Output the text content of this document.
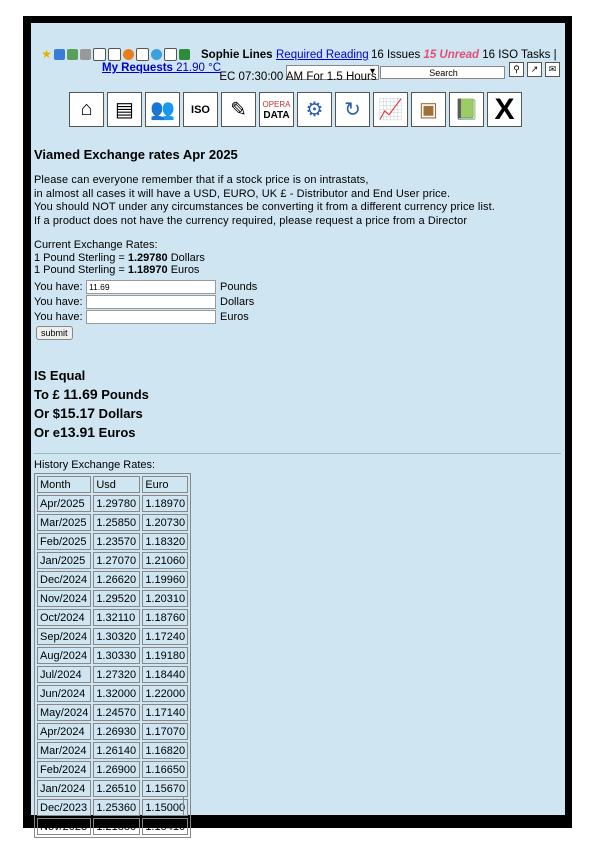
★	Sophie Lines Required Reading 16 Issues 15 Unread 16 ISO Tasks |
My Requests 21.90 °C ▾	Search	⚲	↗	✉
EC 07:30:00 AM For 1.5 Hours
⌂	▤ 👥	ISO	✎	OPERA
DATA ⚙	↻ 📈 ▣ 📗 X
Viamed Exchange rates Apr 2025
Please can everyone remember that if a stock price is on intrastats,
in almost all cases it will have a USD, EURO, UK £ - Distributor and End User price.
You should NOT under any circumstances be converting it from a different currency price list.
If a product does not have the currency required, please request a price from a Director
Current Exchange Rates:
1 Pound Sterling = 1.29780 Dollars
1 Pound Sterling = 1.18970 Euros
You have:
11.69	Pounds
You have:	Dollars
You have:	Euros
submit
IS Equal
To £ 11.69 Pounds
Or $15.17 Dollars
Or e13.91 Euros
History Exchange Rates:
Month	Usd	Euro
Apr/2025	1.29780	1.18970
Mar/2025	1.25850	1.20730
Feb/2025	1.23570	1.18320
Jan/2025	1.27070	1.21060
Dec/2024	1.26620	1.19960
Nov/2024	1.29520	1.20310
Oct/2024	1.32110	1.18760
Sep/2024	1.30320	1.17240
Aug/2024	1.30330	1.19180
Jul/2024	1.27320	1.18440
Jun/2024	1.32000	1.22000
May/2024	1.24570	1.17140
Apr/2024	1.26930	1.17070
Mar/2024	1.26140	1.16820
Feb/2024	1.26900	1.16650
Jan/2024	1.26510	1.15670
Dec/2023	1.25360	1.15000
Nov/2023	1.21880	1.15410
